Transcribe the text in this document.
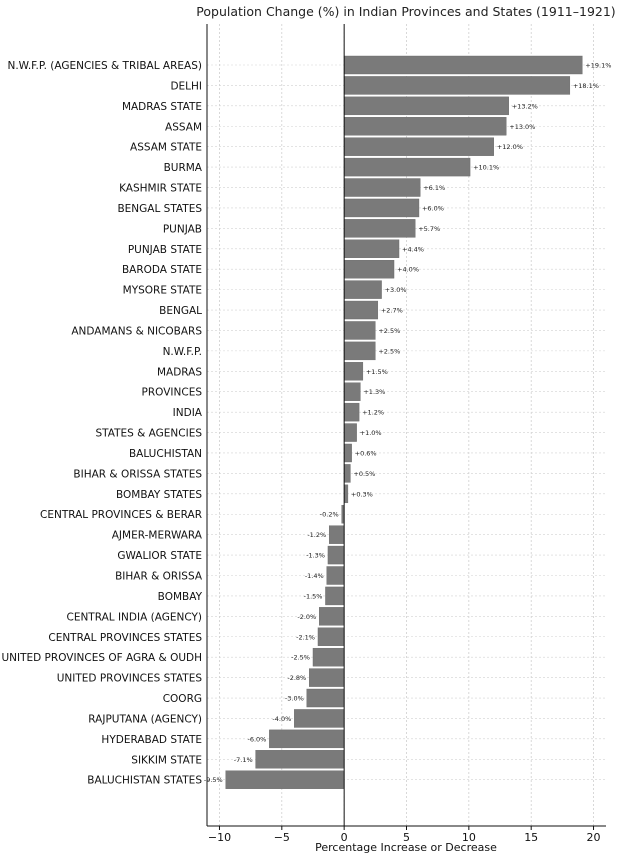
Population Change (%) in Indian Provinces and States (1911–1921)
+19.1%
+18.1%
+13.2%
+13.0%
+12.0%
+10.1%
+6.1%
+6.0%
+5.7%
+4.4%
+4.0%
+3.0%
+2.7%
+2.5%
+2.5%
+1.5%
+1.3%
+1.2%
+1.0%
+0.6%
+0.5%
+0.3%
-0.2%
-1.2%
-1.3%
-1.4%
-1.5%
-2.0%
-2.1%
-2.5%
-2.8%
-3.0%
-4.0%
-6.0%
-7.1%
-9.5%
N.W.F.P. (AGENCIES & TRIBAL AREAS)
DELHI
MADRAS STATE
ASSAM
ASSAM STATE
BURMA
KASHMIR STATE
BENGAL STATES
PUNJAB
PUNJAB STATE
BARODA STATE
MYSORE STATE
BENGAL
ANDAMANS & NICOBARS
N.W.F.P.
MADRAS
PROVINCES
INDIA
STATES & AGENCIES
BALUCHISTAN
BIHAR & ORISSA STATES
BOMBAY STATES
CENTRAL PROVINCES & BERAR
AJMER-MERWARA
GWALIOR STATE
BIHAR & ORISSA
BOMBAY
CENTRAL INDIA (AGENCY)
CENTRAL PROVINCES STATES
UNITED PROVINCES OF AGRA & OUDH
UNITED PROVINCES STATES
COORG
RAJPUTANA (AGENCY)
HYDERABAD STATE
SIKKIM STATE
BALUCHISTAN STATES
−10	−5	0	5	10	15	20
Percentage Increase or Decrease
